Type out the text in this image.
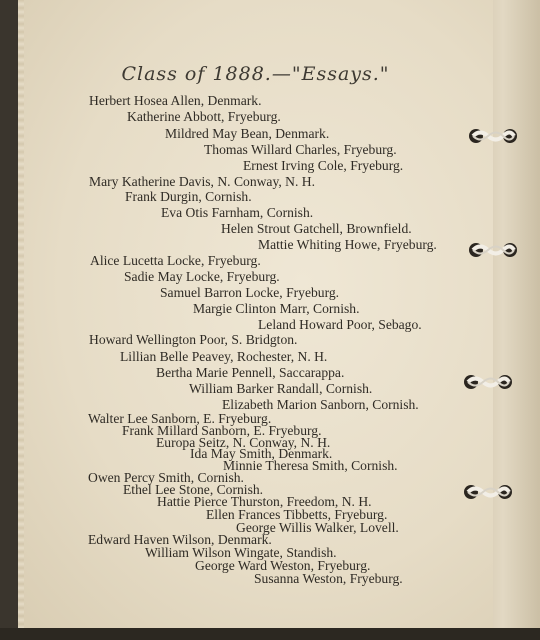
Class of 1888.—"Essays."
Herbert Hosea Allen, Denmark.
Katherine Abbott, Fryeburg.
Mildred May Bean, Denmark.
Thomas Willard Charles, Fryeburg.
Ernest Irving Cole, Fryeburg.
Mary Katherine Davis, N. Conway, N. H.
Frank Durgin, Cornish.
Eva Otis Farnham, Cornish.
Helen Strout Gatchell, Brownfield.
Mattie Whiting Howe, Fryeburg.
Alice Lucetta Locke, Fryeburg.
Sadie May Locke, Fryeburg.
Samuel Barron Locke, Fryeburg.
Margie Clinton Marr, Cornish.
Leland Howard Poor, Sebago.
Howard Wellington Poor, S. Bridgton.
Lillian Belle Peavey, Rochester, N. H.
Bertha Marie Pennell, Saccarappa.
William Barker Randall, Cornish.
Elizabeth Marion Sanborn, Cornish.
Walter Lee Sanborn, E. Fryeburg.
Frank Millard Sanborn, E. Fryeburg.
Europa Seitz, N. Conway, N. H.
Ida May Smith, Denmark.
Minnie Theresa Smith, Cornish.
Owen Percy Smith, Cornish.
Ethel Lee Stone, Cornish.
Hattie Pierce Thurston, Freedom, N. H.
Ellen Frances Tibbetts, Fryeburg.
George Willis Walker, Lovell.
Edward Haven Wilson, Denmark.
William Wilson Wingate, Standish.
George Ward Weston, Fryeburg.
Susanna Weston, Fryeburg.
